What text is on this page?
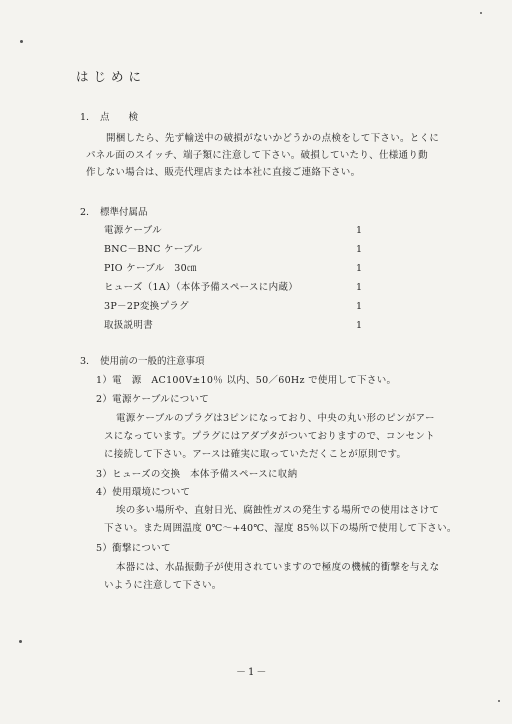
はじめに
1. 点　　検
開梱したら、先ず輸送中の破損がないかどうかの点検をして下さい。とくに
パネル面のスイッチ、端子類に注意して下さい。破損していたり、仕様通り動
作しない場合は、販売代理店または本社に直接ご連絡下さい。
2. 標準付属品
電源ケーブル	1
BNC－BNC ケーブル	1
PIO ケーブル　30㎝	1
ヒューズ（1A）（本体予備スペースに内蔵）	1
3P－2P変換プラグ	1
取扱説明書	1
3. 使用前の一般的注意事項
1）電　源　AC100V±10％ 以内、50／60Hz で使用して下さい。
2）電源ケーブルについて
電源ケーブルのプラグは3ピンになっており、中央の丸い形のピンがアー
スになっています。プラグにはアダプタがついておりますので、コンセント
に接続して下さい。アースは確実に取っていただくことが原則です。
3）ヒューズの交換　本体予備スペースに収納
4）使用環境について
埃の多い場所や、直射日光、腐蝕性ガスの発生する場所での使用はさけて
下さい。また周囲温度 0℃〜+40℃、湿度 85％以下の場所で使用して下さい。
5）衝撃について
本器には、水晶振動子が使用されていますので極度の機械的衝撃を与えな
いように注意して下さい。
－1－
